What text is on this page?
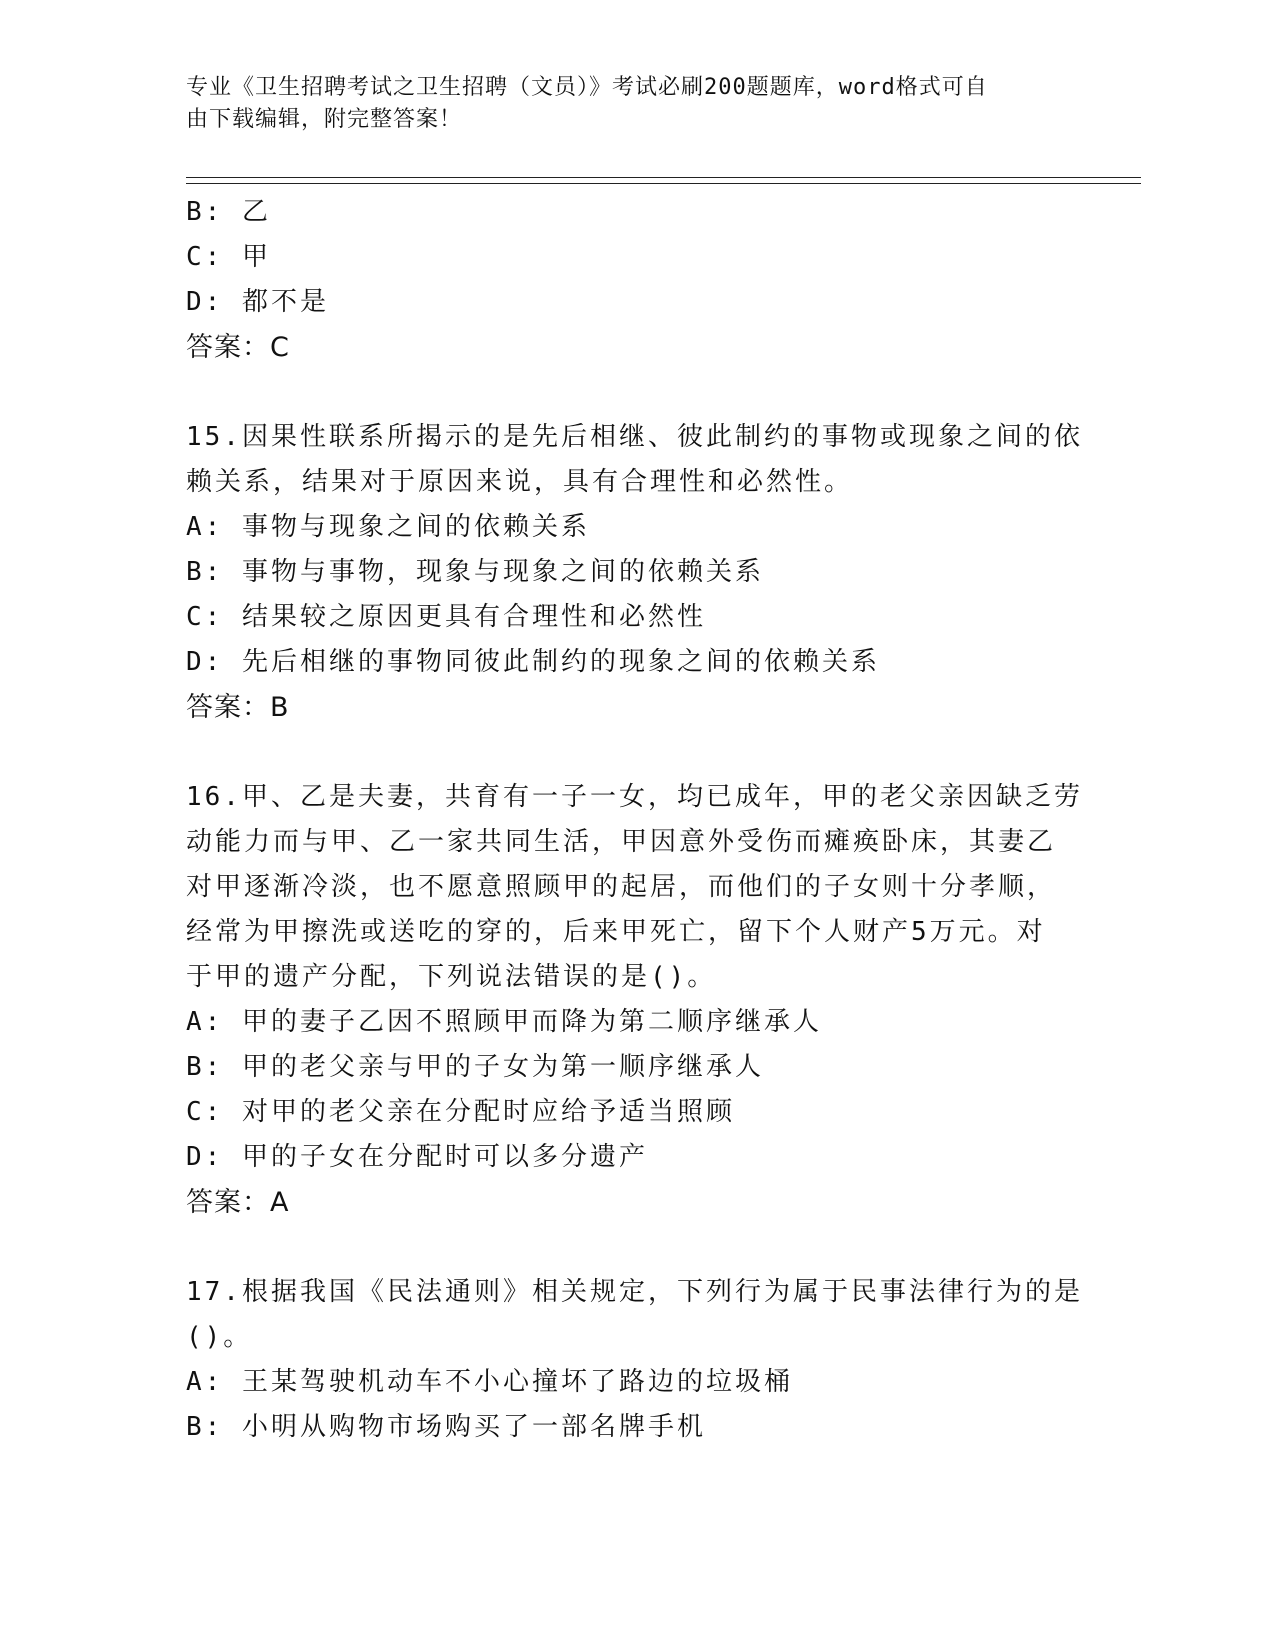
专业《卫生招聘考试之卫生招聘（文员）》考试必刷200题题库，word格式可自
由下载编辑，附完整答案！
B: 乙
C: 甲
D: 都不是
答案：C
15.因果性联系所揭示的是先后相继、彼此制约的事物或现象之间的依
赖关系，结果对于原因来说，具有合理性和必然性。
A: 事物与现象之间的依赖关系
B: 事物与事物，现象与现象之间的依赖关系
C: 结果较之原因更具有合理性和必然性
D: 先后相继的事物同彼此制约的现象之间的依赖关系
答案：B
16.甲、乙是夫妻，共育有一子一女，均已成年，甲的老父亲因缺乏劳
动能力而与甲、乙一家共同生活，甲因意外受伤而瘫痪卧床，其妻乙
对甲逐渐冷淡，也不愿意照顾甲的起居，而他们的子女则十分孝顺，
经常为甲擦洗或送吃的穿的，后来甲死亡，留下个人财产5万元。对
于甲的遗产分配，下列说法错误的是()。
A: 甲的妻子乙因不照顾甲而降为第二顺序继承人
B: 甲的老父亲与甲的子女为第一顺序继承人
C: 对甲的老父亲在分配时应给予适当照顾
D: 甲的子女在分配时可以多分遗产
答案：A
17.根据我国《民法通则》相关规定，下列行为属于民事法律行为的是
()。
A: 王某驾驶机动车不小心撞坏了路边的垃圾桶
B: 小明从购物市场购买了一部名牌手机
